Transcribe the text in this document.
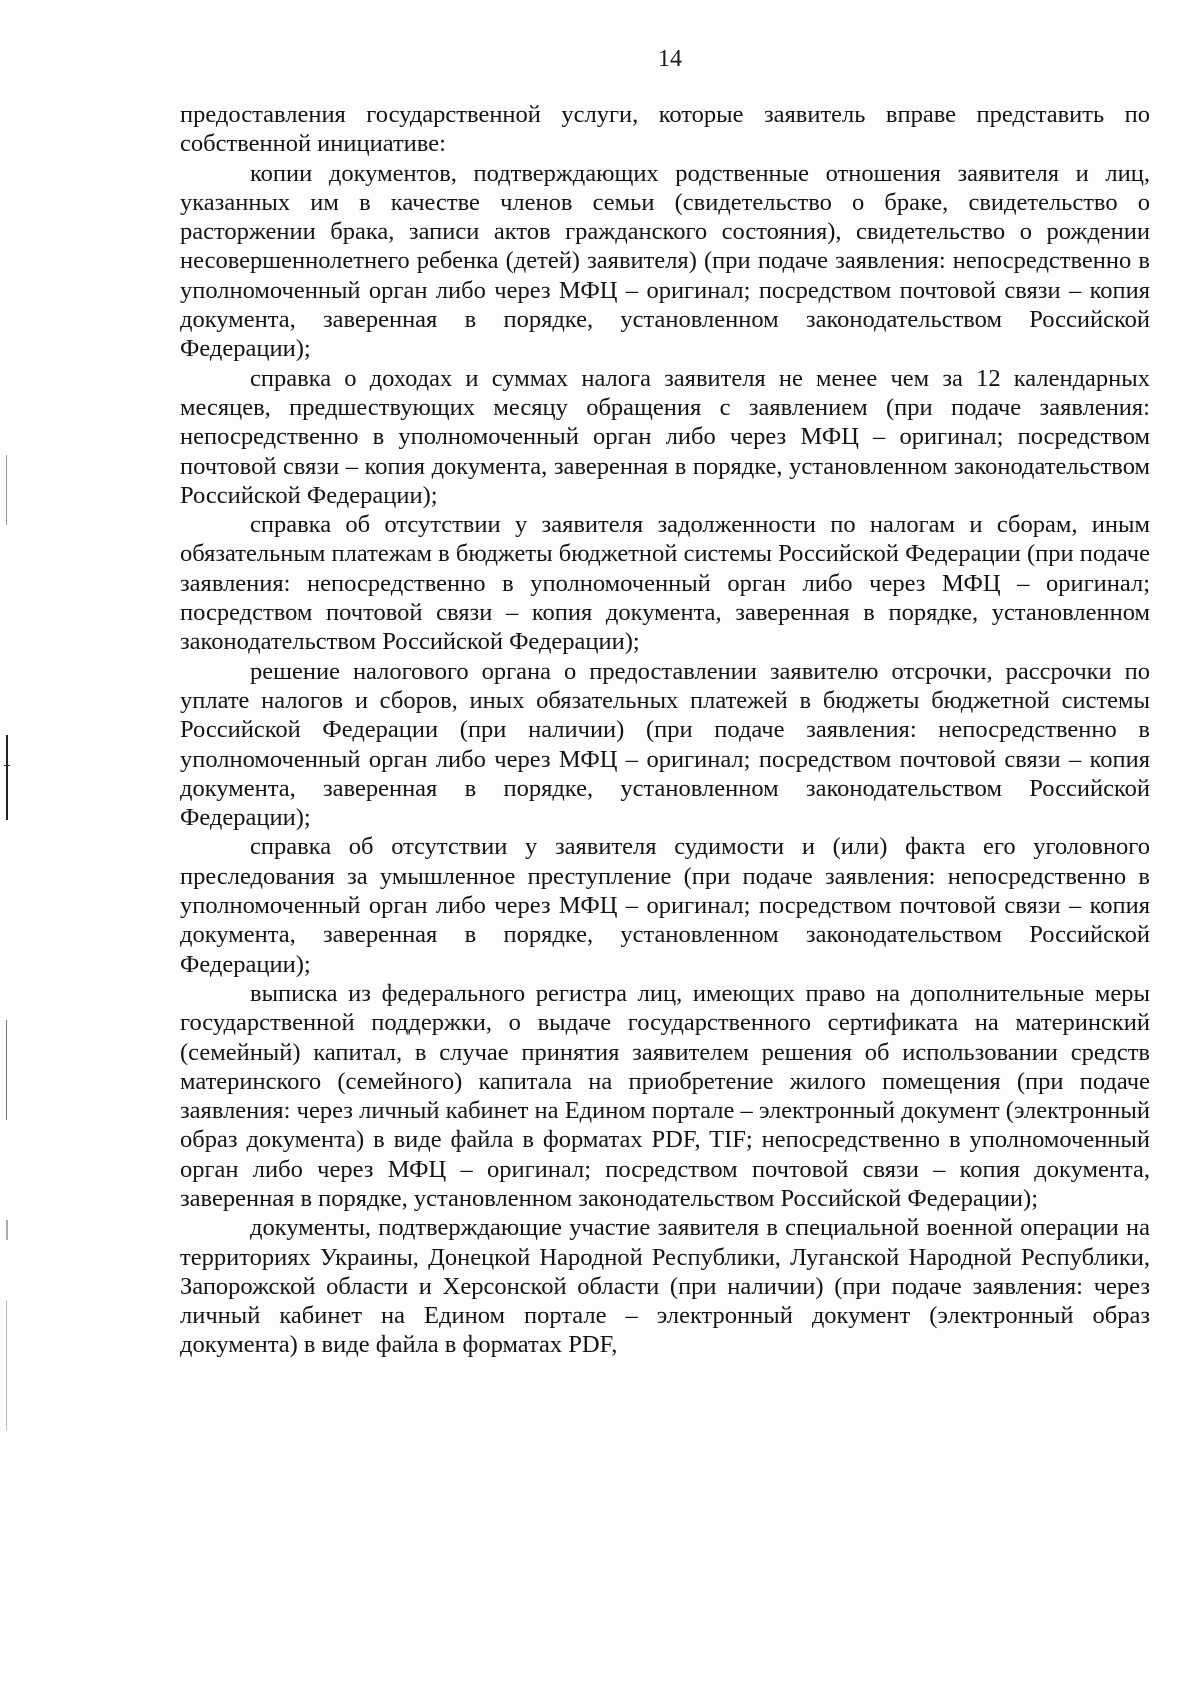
14

предоставления государственной услуги, которые заявитель вправе представить по собственной инициативе:

копии документов, подтверждающих родственные отношения заявителя и лиц, указанных им в качестве членов семьи (свидетельство о браке, свидетельство о расторжении брака, записи актов гражданского состояния), свидетельство о рождении несовершеннолетнего ребенка (детей) заявителя) (при подаче заявления: непосредственно в уполномоченный орган либо через МФЦ – оригинал; посредством почтовой связи – копия документа, заверенная в порядке, установленном законодательством Российской Федерации);

справка о доходах и суммах налога заявителя не менее чем за 12 календарных месяцев, предшествующих месяцу обращения с заявлением (при подаче заявления: непосредственно в уполномоченный орган либо через МФЦ – оригинал; посредством почтовой связи – копия документа, заверенная в порядке, установленном законодательством Российской Федерации);

справка об отсутствии у заявителя задолженности по налогам и сборам, иным обязательным платежам в бюджеты бюджетной системы Российской Федерации (при подаче заявления: непосредственно в уполномоченный орган либо через МФЦ – оригинал; посредством почтовой связи – копия документа, заверенная в порядке, установленном законодательством Российской Федерации);

решение налогового органа о предоставлении заявителю отсрочки, рассрочки по уплате налогов и сборов, иных обязательных платежей в бюджеты бюджетной системы Российской Федерации (при наличии) (при подаче заявления: непосредственно в уполномоченный орган либо через МФЦ – оригинал; посредством почтовой связи – копия документа, заверенная в порядке, установленном законодательством Российской Федерации);

справка об отсутствии у заявителя судимости и (или) факта его уголовного преследования за умышленное преступление (при подаче заявления: непосредственно в уполномоченный орган либо через МФЦ – оригинал; посредством почтовой связи – копия документа, заверенная в порядке, установленном законодательством Российской Федерации);

выписка из федерального регистра лиц, имеющих право на дополнительные меры государственной поддержки, о выдаче государственного сертификата на материнский (семейный) капитал, в случае принятия заявителем решения об использовании средств материнского (семейного) капитала на приобретение жилого помещения (при подаче заявления: через личный кабинет на Едином портале – электронный документ (электронный образ документа) в виде файла в форматах PDF, TIF; непосредственно в уполномоченный орган либо через МФЦ – оригинал; посредством почтовой связи – копия документа, заверенная в порядке, установленном законодательством Российской Федерации);

документы, подтверждающие участие заявителя в специальной военной операции на территориях Украины, Донецкой Народной Республики, Луганской Народной Республики, Запорожской области и Херсонской области (при наличии) (при подаче заявления: через личный кабинет на Едином портале – электронный документ (электронный образ документа) в виде файла в форматах PDF,
